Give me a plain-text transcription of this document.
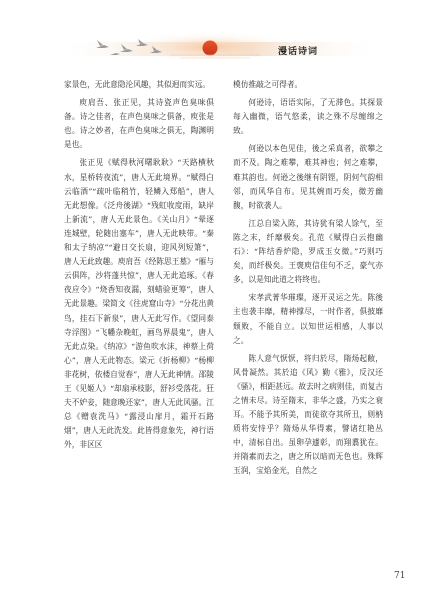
漫话诗词

家景色，无此意隐沦风趣，其似迥而实远。

庾肩吾、张正见，其诗瓷声色臭味俱备。诗之佳者，在声色臭味之俱备，庾张是也。诗之妙者，在声色臭味之俱无，陶渊明是也。

张正见《赋得秋河曙耿耿》“天路横秋水，星桥转夜流”，唐人无此境界。“赋得白云临酒”“疏叶临稍竹，轻鳞入郑船”，唐人无此想像。《泛舟後湖》“残虹收度雨，缺岸上新流”，唐人无此景色。《关山月》“晕逐连城壁，轮随出塞车”，唐人无此映带。“秦和太子纳凉”“避日交长扇，迎风列短箫”，唐人无此致趣。庾肩吾《经陈思王墓》“雁与云俱阵，沙将蓬共惊”，唐人无此追琢。《春夜应令》“烧香知夜漏，刻蜡验更筹”，唐人无此景趣。梁简文《往虎窟山寺》“分花出黄鸟，挂石下新泉”，唐人无此写作。《望同泰寺浮图》“飞幡杂晚虹，画鸟界晨鬼”，唐人无此点染。《纳凉》“游鱼吹水沫，神蔡上荷心”，唐人无此物态。梁元《折杨柳》“杨柳非花树，依楼自觉春”，唐人无此神情。邵陵王《见姬人》“却扇承枝影，舒衫受落花。狂夫不妒妾，随意晚还家”，唐人无此风骚。江总《赠袁洗马》“露浸山扉月，霜开石路烟”，唐人无此洗发。此皆得意象先，神行语外，非区区

模仿推敲之可得者。

何逊诗，语语实际，了无滞色。其探景每入幽微，语气悠柔，读之殊不尽缠绵之致。

何逊以本色见佳，後之采真者，欲攀之而不及。陶之难攀，难其神也；何之难攀，难其韵也。何逊之後继有阴铿，阴何气韵相邻，而风华自布。见其婉而巧矣，微芳幽馥，时欲袭人。

江总自梁入陈，其诗犹有梁人馀气，至陈之末，纤靡极矣。孔范《赋得白云抱幽石》：“阵结香炉隐，罗成玉女微。”巧则巧矣，而纤极矣。王褒庾信佳句不乏，豪气亦多，以是知此道之将终也。

宋孝武菁华璀璨，逐开灵运之先。陈後主也袭丰靡，精神撑尽，一时作者，俱披靡颓败，不能自立。以知世运相感，人事以之。

陈人意气恹恹，将归於尽，隋炀起敝，风骨凝然。其於追《风》勤《雅》，反汉还《骚》，相距甚远。故去时之病则佳，而复古之情未尽。诗至隋末，非华之盛，乃实之衰耳。不能予其所美，而徒欲夺其所丑，则枘质将安恃乎？隋炀从华得素，譬诸红艳丛中，清标自出。虽卵孕遽彰，而翔翥犹在。并隋素而去之，唐之所以暗而无色也。殊辉玉润，宝焰金光，自然之

71
